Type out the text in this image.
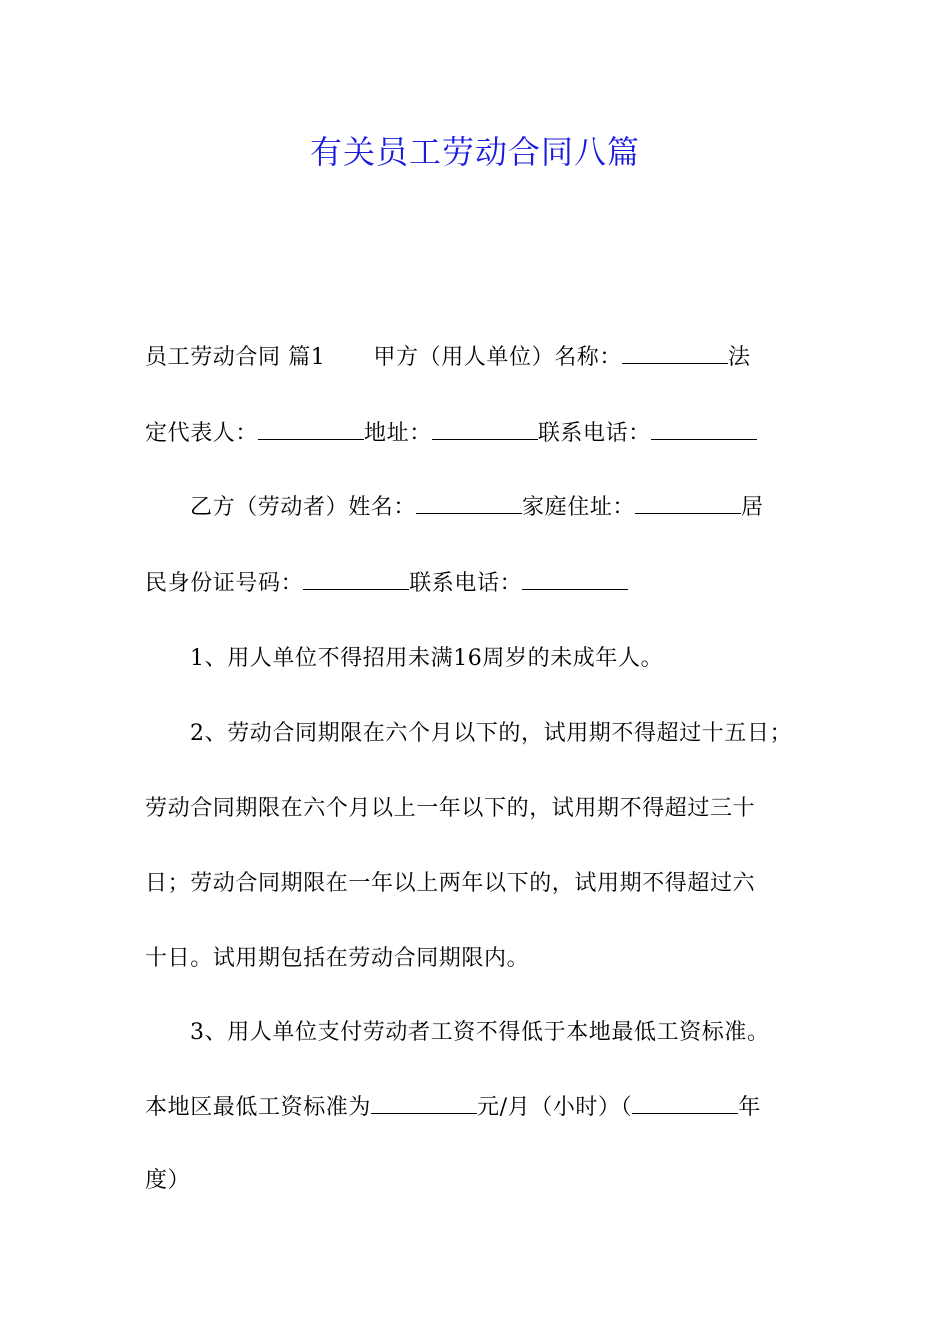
有关员工劳动合同八篇
员工劳动合同 篇1 甲方（用人单位）名称：	法
定代表人：	地址：	联系电话：
乙方（劳动者）姓名：	家庭住址：	居
民身份证号码：	联系电话：
1、用人单位不得招用未满16周岁的未成年人。
2、劳动合同期限在六个月以下的，试用期不得超过十五日；
劳动合同期限在六个月以上一年以下的，试用期不得超过三十
日；劳动合同期限在一年以上两年以下的，试用期不得超过六
十日。试用期包括在劳动合同期限内。
3、用人单位支付劳动者工资不得低于本地最低工资标准。
本地区最低工资标准为	元/月（小时）（	年
度）
